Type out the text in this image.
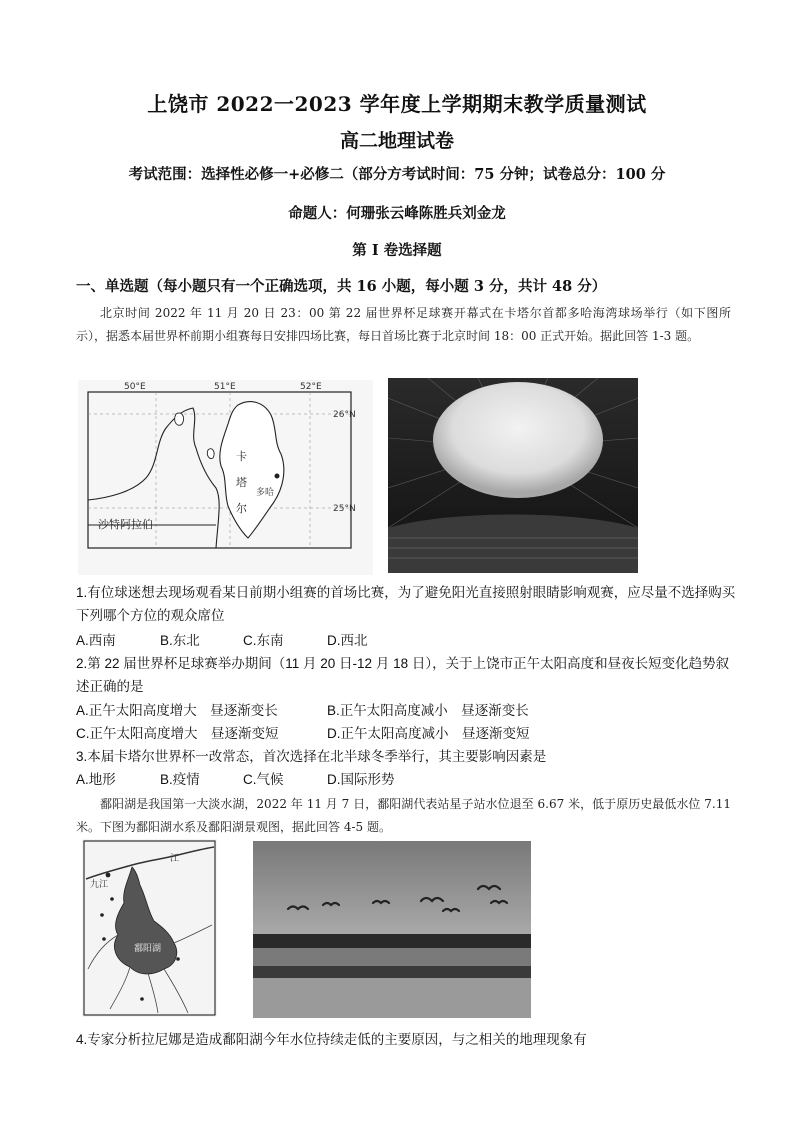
上饶市 2022一2023 学年度上学期期末教学质量测试
高二地理试卷
考试范围：选择性必修一+必修二（部分方考试时间：75 分钟；试卷总分：100 分
命题人：何珊张云峰陈胜兵刘金龙
第 I 卷选择题
一、单选题（每小题只有一个正确选项，共 16 小题，每小题 3 分，共计 48 分）
北京时间 2022 年 11 月 20 日 23：00 第 22 届世界杯足球赛开幕式在卡塔尔首都多哈海湾球场举行（如下图所示），据悉本届世界杯前期小组赛每日安排四场比赛，每日首场比赛于北京时间 18：00 正式开始。据此回答 1-3 题。
50°E	51°E	52°E
26°N
25°N
卡
塔
尔
多哈
沙特阿拉伯
1.有位球迷想去现场观看某日前期小组赛的首场比赛，为了避免阳光直接照射眼睛影响观赛，应尽量不选择购买下列哪个方位的观众席位
A.西南	B.东北	C.东南	D.西北
2.第 22 届世界杯足球赛举办期间（11 月 20 日-12 月 18 日），关于上饶市正午太阳高度和昼夜长短变化趋势叙述正确的是
A.正午太阳高度增大　昼逐渐变长	B.正午太阳高度减小　昼逐渐变长
C.正午太阳高度增大　昼逐渐变短	D.正午太阳高度减小　昼逐渐变短
3.本届卡塔尔世界杯一改常态，首次选择在北半球冬季举行，其主要影响因素是
A.地形	B.疫情	C.气候	D.国际形势
鄱阳湖是我国第一大淡水湖，2022 年 11 月 7 日，鄱阳湖代表站星子站水位退至 6.67 米，低于原历史最低水位 7.11 米。下图为鄱阳湖水系及鄱阳湖景观图，据此回答 4-5 题。
江
九江
鄱阳湖
4.专家分析拉尼娜是造成鄱阳湖今年水位持续走低的主要原因，与之相关的地理现象有
